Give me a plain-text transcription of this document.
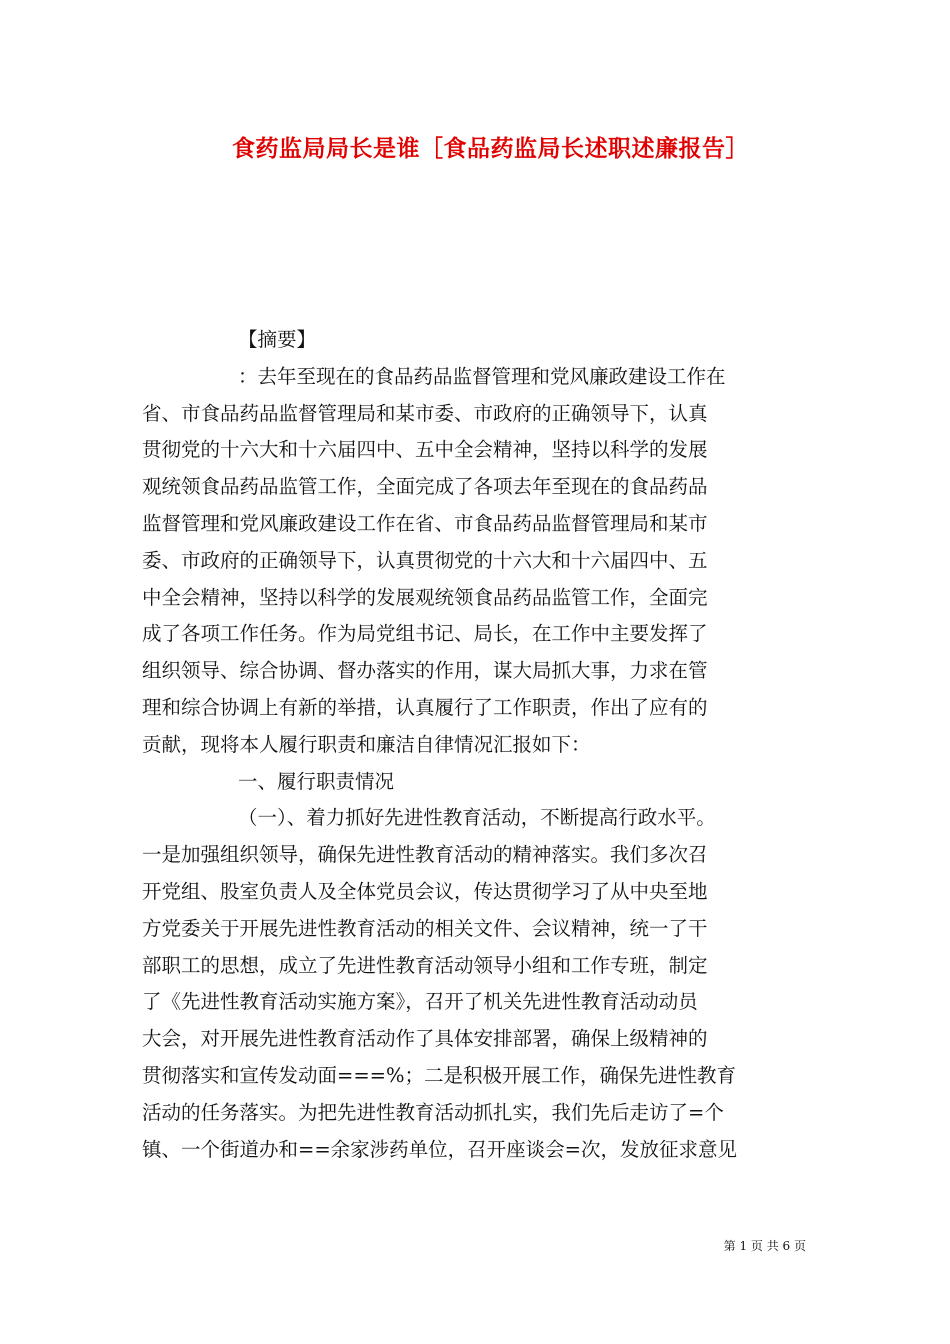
食药监局局长是谁［食品药监局长述职述廉报告］
【摘要】
：去年至现在的食品药品监督管理和党风廉政建设工作在
省、市食品药品监督管理局和某市委、市政府的正确领导下，认真
贯彻党的十六大和十六届四中、五中全会精神，坚持以科学的发展
观统领食品药品监管工作，全面完成了各项去年至现在的食品药品
监督管理和党风廉政建设工作在省、市食品药品监督管理局和某市
委、市政府的正确领导下，认真贯彻党的十六大和十六届四中、五
中全会精神，坚持以科学的发展观统领食品药品监管工作，全面完
成了各项工作任务。作为局党组书记、局长，在工作中主要发挥了
组织领导、综合协调、督办落实的作用，谋大局抓大事，力求在管
理和综合协调上有新的举措，认真履行了工作职责，作出了应有的
贡献，现将本人履行职责和廉洁自律情况汇报如下：
一、履行职责情况
（一）、着力抓好先进性教育活动，不断提高行政水平。
一是加强组织领导，确保先进性教育活动的精神落实。我们多次召
开党组、股室负责人及全体党员会议，传达贯彻学习了从中央至地
方党委关于开展先进性教育活动的相关文件、会议精神，统一了干
部职工的思想，成立了先进性教育活动领导小组和工作专班，制定
了《先进性教育活动实施方案》，召开了机关先进性教育活动动员
大会，对开展先进性教育活动作了具体安排部署，确保上级精神的
贯彻落实和宣传发动面===%；二是积极开展工作，确保先进性教育
活动的任务落实。为把先进性教育活动抓扎实，我们先后走访了=个
镇、一个街道办和==余家涉药单位，召开座谈会=次，发放征求意见
第 1 页 共 6 页
